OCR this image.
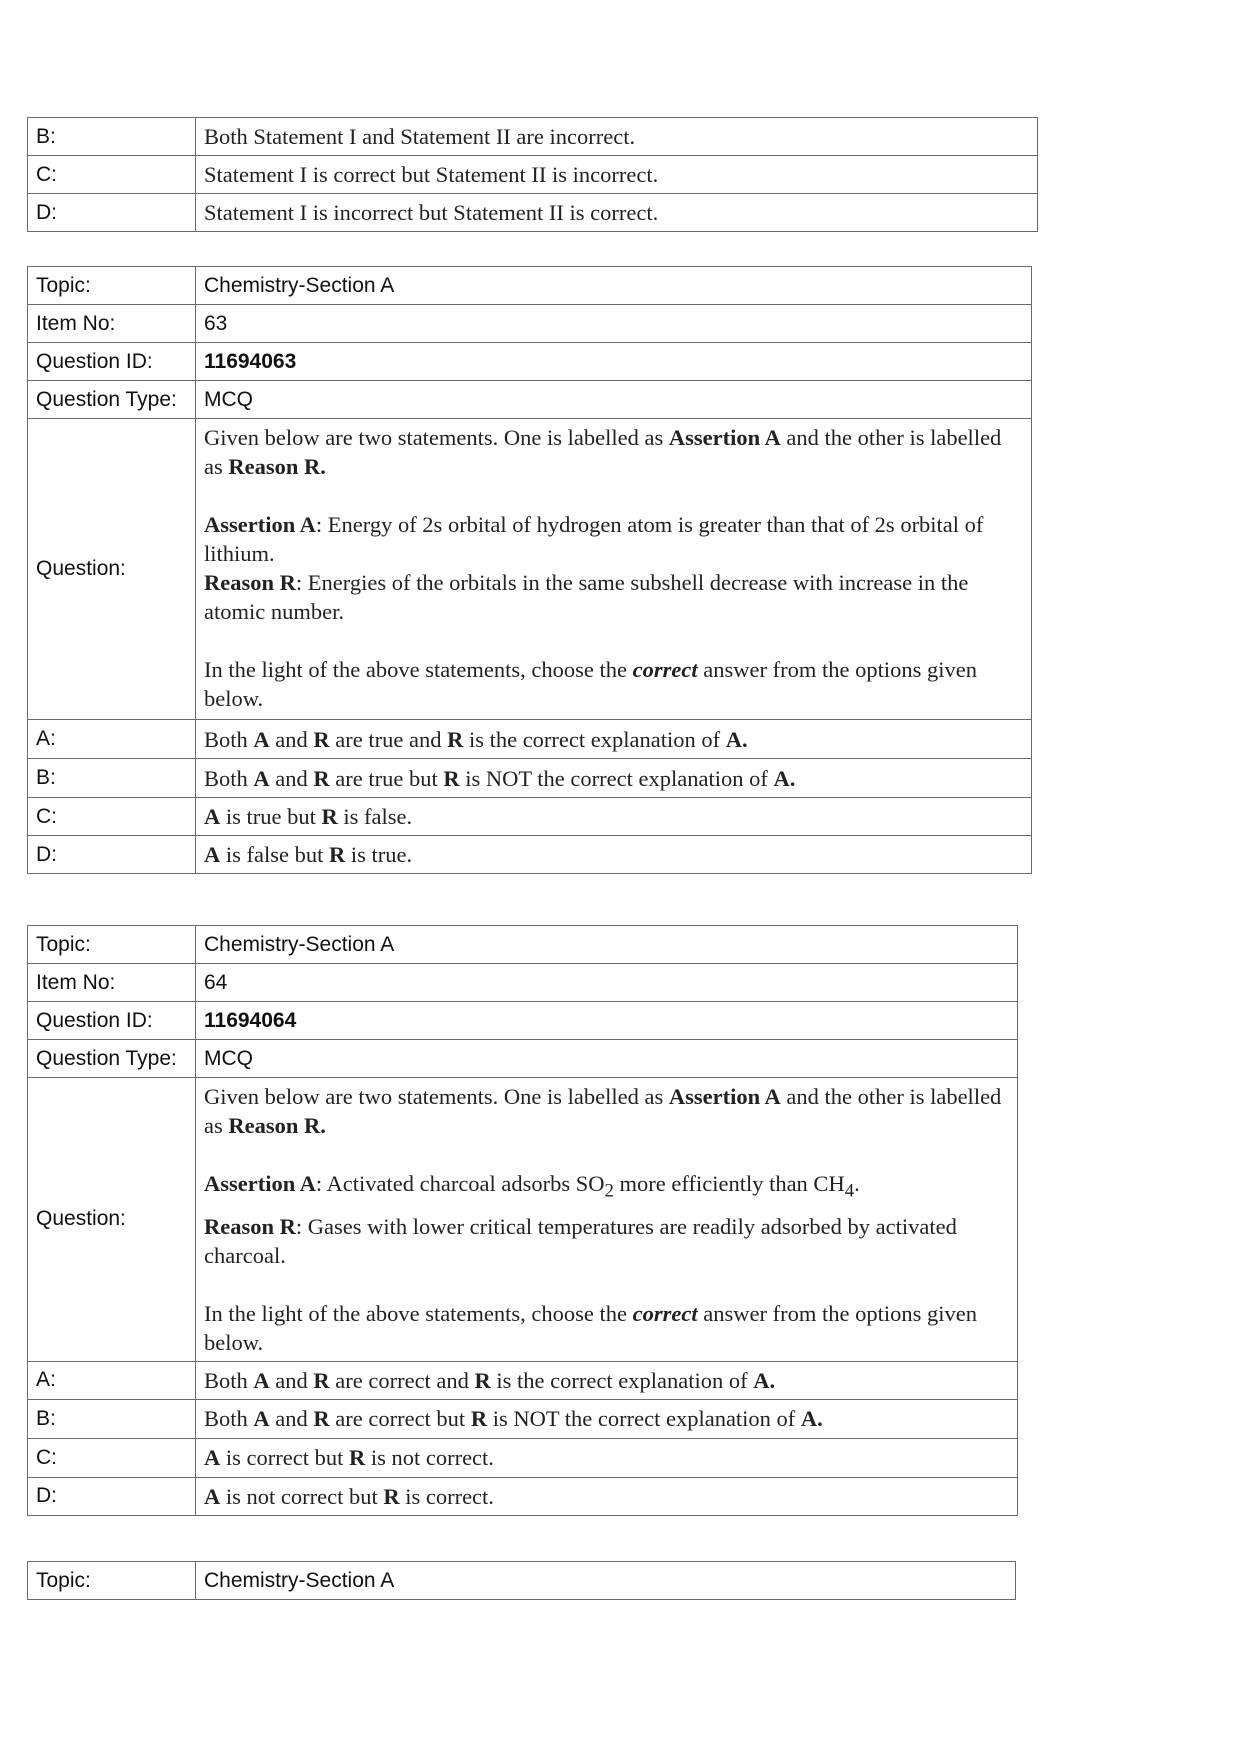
B:	Both Statement I and Statement II are incorrect.
C:	Statement I is correct but Statement II is incorrect.
D:	Statement I is incorrect but Statement II is correct.
Topic:	Chemistry-Section A
Item No:	63
Question ID:	11694063
Question Type:	MCQ
Question:	Given below are two statements. One is labelled as Assertion A and the other is labelled as Reason R.

Assertion A: Energy of 2s orbital of hydrogen atom is greater than that of 2s orbital of lithium.

Reason R: Energies of the orbitals in the same subshell decrease with increase in the atomic number.

In the light of the above statements, choose the correct answer from the options given below.

A:	Both A and R are true and R is the correct explanation of A.
B:	Both A and R are true but R is NOT the correct explanation of A.
C:	A is true but R is false.
D:	A is false but R is true.
Topic:	Chemistry-Section A
Item No:	64
Question ID:	11694064
Question Type:	MCQ
Question:	Given below are two statements. One is labelled as Assertion A and the other is labelled as Reason R.

Assertion A: Activated charcoal adsorbs $SO_2$ more efficiently than $CH_4$.

Reason R: Gases with lower critical temperatures are readily adsorbed by activated charcoal.

In the light of the above statements, choose the correct answer from the options given below.

A:	Both A and R are correct and R is the correct explanation of A.
B:	Both A and R are correct but R is NOT the correct explanation of A.
C:	A is correct but R is not correct.
D:	A is not correct but R is correct.
Topic:	Chemistry-Section A
